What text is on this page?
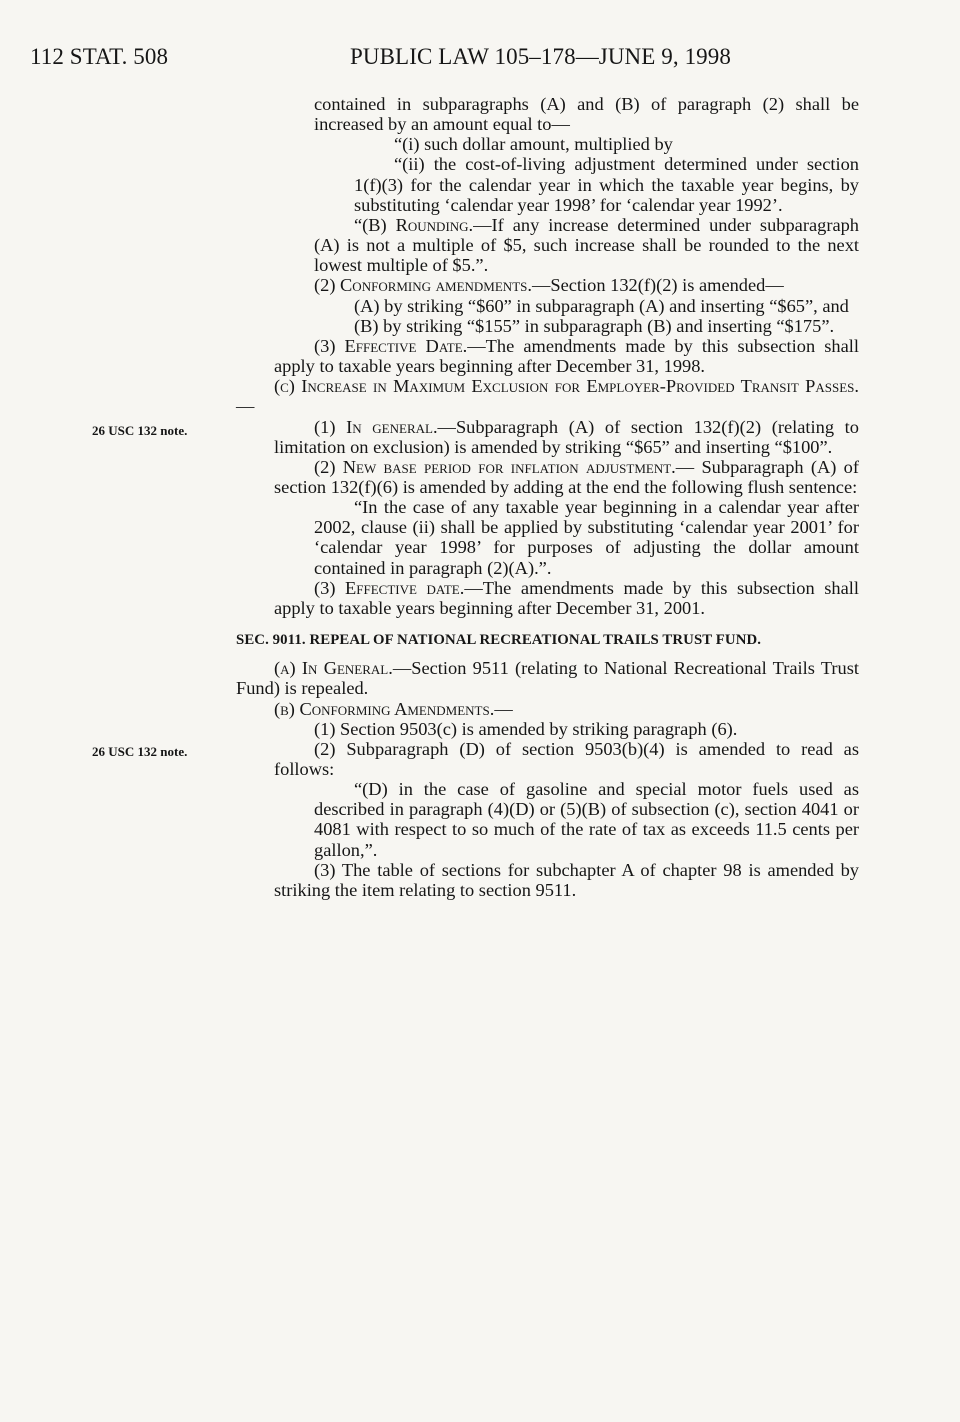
112 STAT. 508	PUBLIC LAW 105–178—JUNE 9, 1998
26 USC 132 note.
26 USC 132 note.

contained in subparagraphs (A) and (B) of paragraph (2) shall be increased by an amount equal to—

“(i) such dollar amount, multiplied by

“(ii) the cost-of-living adjustment determined under section 1(f)(3) for the calendar year in which the taxable year begins, by substituting ‘calendar year 1998’ for ‘calendar year 1992’.

“(B) Rounding.—If any increase determined under subparagraph (A) is not a multiple of $5, such increase shall be rounded to the next lowest multiple of $5.”.

(2) Conforming amendments.—Section 132(f)(2) is amended—

(A) by striking “$60” in subparagraph (A) and inserting “$65”, and

(B) by striking “$155” in subparagraph (B) and inserting “$175”.

(3) Effective Date.—The amendments made by this subsection shall apply to taxable years beginning after December 31, 1998.

(c) Increase in Maximum Exclusion for Employer-Provided Transit Passes.—

(1) In general.—Subparagraph (A) of section 132(f)(2) (relating to limitation on exclusion) is amended by striking “$65” and inserting “$100”.

(2) New base period for inflation adjustment.— Subparagraph (A) of section 132(f)(6) is amended by adding at the end the following flush sentence:

“In the case of any taxable year beginning in a calendar year after 2002, clause (ii) shall be applied by substituting ‘calendar year 2001’ for ‘calendar year 1998’ for purposes of adjusting the dollar amount contained in paragraph (2)(A).”.

(3) Effective date.—The amendments made by this subsection shall apply to taxable years beginning after December 31, 2001.

SEC. 9011. REPEAL OF NATIONAL RECREATIONAL TRAILS TRUST FUND.

(a) In General.—Section 9511 (relating to National Recreational Trails Trust Fund) is repealed.

(b) Conforming Amendments.—

(1) Section 9503(c) is amended by striking paragraph (6).

(2) Subparagraph (D) of section 9503(b)(4) is amended to read as follows:

“(D) in the case of gasoline and special motor fuels used as described in paragraph (4)(D) or (5)(B) of subsection (c), section 4041 or 4081 with respect to so much of the rate of tax as exceeds 11.5 cents per gallon,”.

(3) The table of sections for subchapter A of chapter 98 is amended by striking the item relating to section 9511.
